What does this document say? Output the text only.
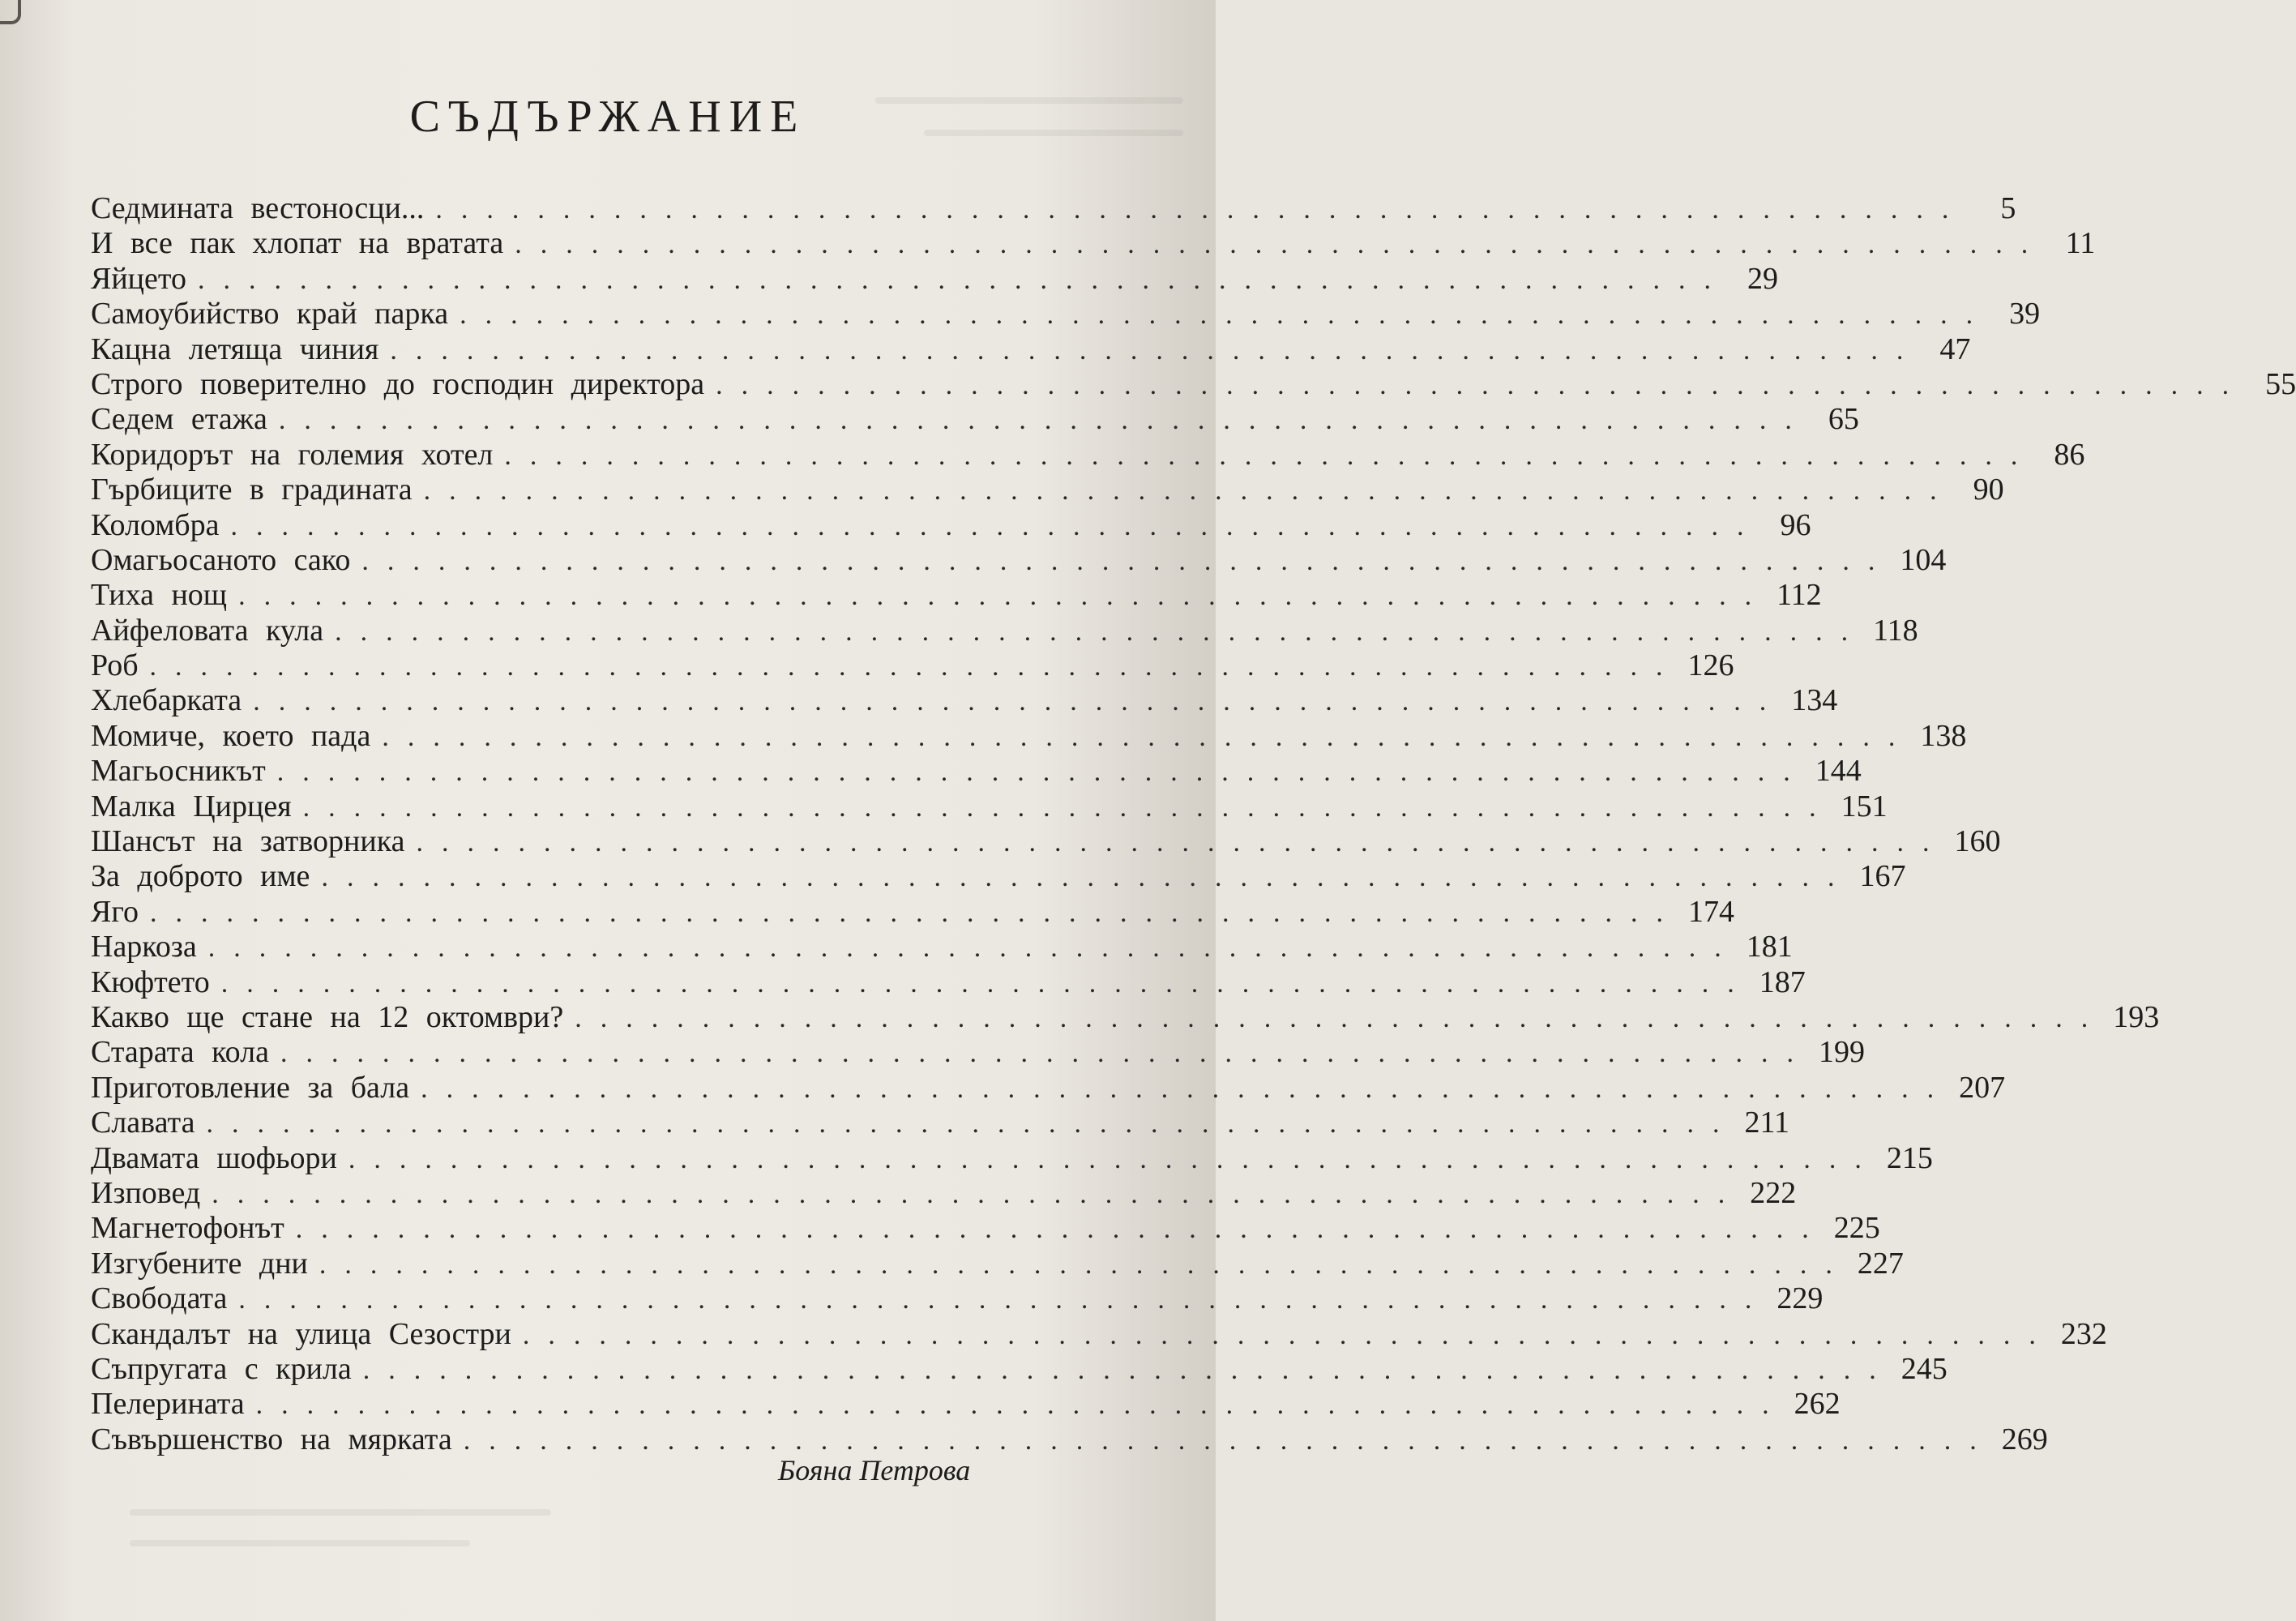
СЪДЪРЖАНИЕ
Седмината вестоносци... ............................................................	5
И все пак хлопат на вратата ............................................................ 11
Яйцето ............................................................ 29
Самоубийство край парка ............................................................ 39
Кацна летяща чиния ............................................................ 47
Строго поверително до господин директора ............................................................ 55
Седем етажа ............................................................ 65
Коридорът на големия хотел ............................................................ 86
Гърбиците в градината ............................................................ 90
Коломбра ............................................................ 96
Омагьосаното сако ............................................................ 104
Тиха нощ ............................................................ 112
Айфеловата кула ............................................................ 118
Роб ............................................................ 126
Хлебарката ............................................................ 134
Момиче, което пада ............................................................ 138
Магьосникът ............................................................ 144
Малка Цирцея ............................................................ 151
Шансът на затворника ............................................................ 160
За доброто име ............................................................ 167
Яго ............................................................ 174
Наркоза ............................................................ 181
Кюфтето ............................................................ 187
Какво ще стане на 12 октомври? ............................................................ 193
Старата кола ............................................................ 199
Приготовление за бала ............................................................ 207
Славата ............................................................ 211
Двамата шофьори ............................................................ 215
Изповед ............................................................ 222
Магнетофонът ............................................................ 225
Изгубените дни ............................................................ 227
Свободата ............................................................ 229
Скандалът на улица Сезостри ............................................................ 232
Съпругата с крила ............................................................ 245
Пелерината ............................................................ 262
Съвършенство на мярката ............................................................ 269
Бояна Петрова
